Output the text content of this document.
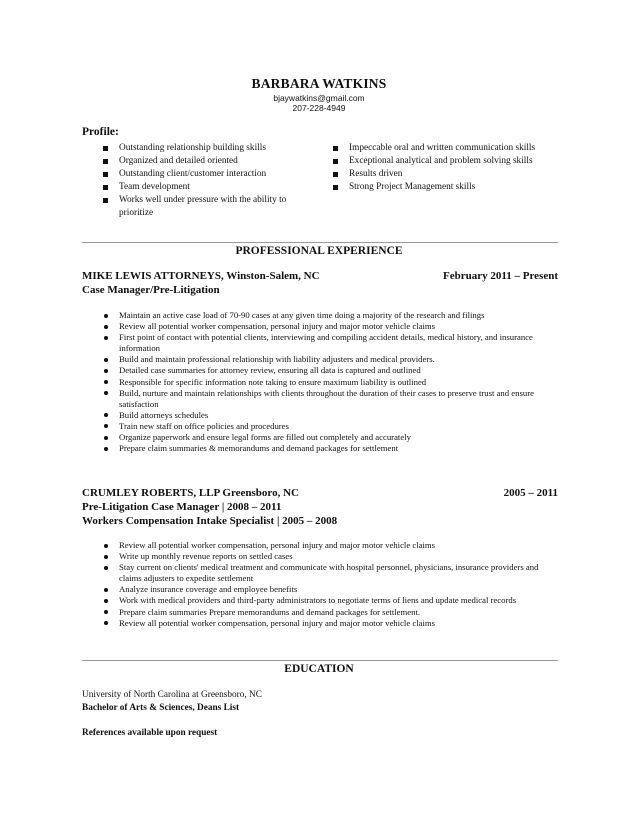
BARBARA WATKINS
bjaywatkins@gmail.com
207-228-4949
Profile:
Outstanding relationship building skills
Organized and detailed oriented
Outstanding client/customer interaction
Team development
Works well under pressure with the ability to prioritize
Impeccable oral and written communication skills
Exceptional analytical and problem solving skills
Results driven
Strong Project Management skills
PROFESSIONAL EXPERIENCE
MIKE LEWIS ATTORNEYS, Winston-Salem, NC	February 2011 – Present
Case Manager/Pre-Litigation
Maintain an active case load of 70-90 cases at any given time doing a majority of the research and filings
Review all potential worker compensation, personal injury and major motor vehicle claims
First point of contact with potential clients, interviewing and compiling accident details, medical history, and insurance information
Build and maintain professional relationship with liability adjusters and medical providers.
Detailed case summaries for attorney review, ensuring all data is captured and outlined
Responsible for specific information note taking to ensure maximum liability is outlined
Build, nurture and maintain relationships with clients throughout the duration of their cases to preserve trust and ensure satisfaction
Build attorneys schedules
Train new staff on office policies and procedures
Organize paperwork and ensure legal forms are filled out completely and accurately
Prepare claim summaries & memorandums and demand packages for settlement
CRUMLEY ROBERTS, LLP Greensboro, NC	2005 – 2011
Pre-Litigation Case Manager | 2008 – 2011
Workers Compensation Intake Specialist | 2005 – 2008
Review all potential worker compensation, personal injury and major motor vehicle claims
Write up monthly revenue reports on settled cases
Stay current on clients' medical treatment and communicate with hospital personnel, physicians, insurance providers and claims adjusters to expedite settlement
Analyze insurance coverage and employee benefits
Work with medical providers and third-party administrators to negotiate terms of liens and update medical records
Prepare claim summaries Prepare memorandums and demand packages for settlement.
Review all potential worker compensation, personal injury and major motor vehicle claims
EDUCATION
University of North Carolina at Greensboro, NC
Bachelor of Arts & Sciences, Deans List
References available upon request
